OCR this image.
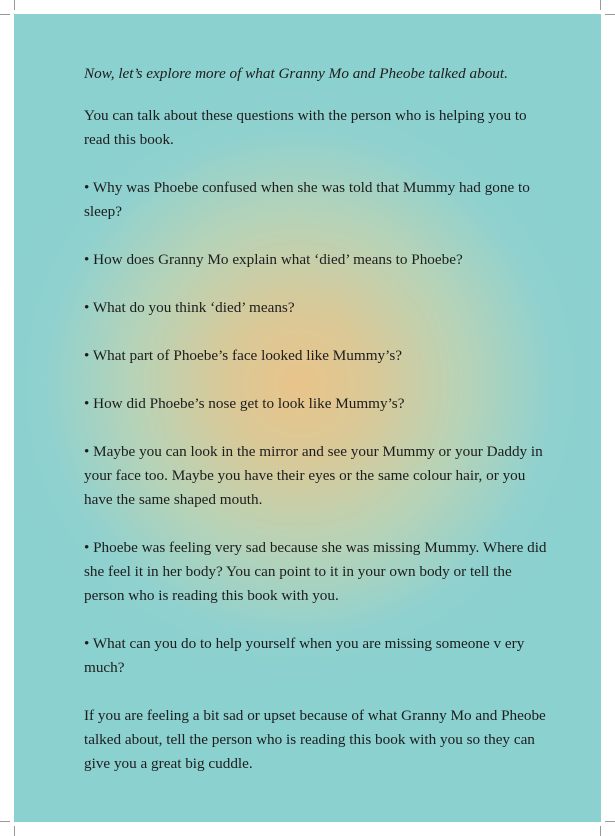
Now, let’s explore more of what Granny Mo and Pheobe talked about.

You can talk about these questions with the person who is helping you to read this book.

• Why was Phoebe confused when she was told that Mummy had gone to sleep?

• How does Granny Mo explain what ‘died’ means to Phoebe?

• What do you think ‘died’ means?

• What part of Phoebe’s face looked like Mummy’s?

• How did Phoebe’s nose get to look like Mummy’s?

• Maybe you can look in the mirror and see your Mummy or your Daddy in your face too. Maybe you have their eyes or the same colour hair, or you have the same shaped mouth.

• Phoebe was feeling very sad because she was missing Mummy. Where did she feel it in her body? You can point to it in your own body or tell the person who is reading this book with you.

• What can you do to help yourself when you are missing someone v ery much?

If you are feeling a bit sad or upset because of what Granny Mo and Pheobe talked about, tell the person who is reading this book with you so they can give you a great big cuddle.
